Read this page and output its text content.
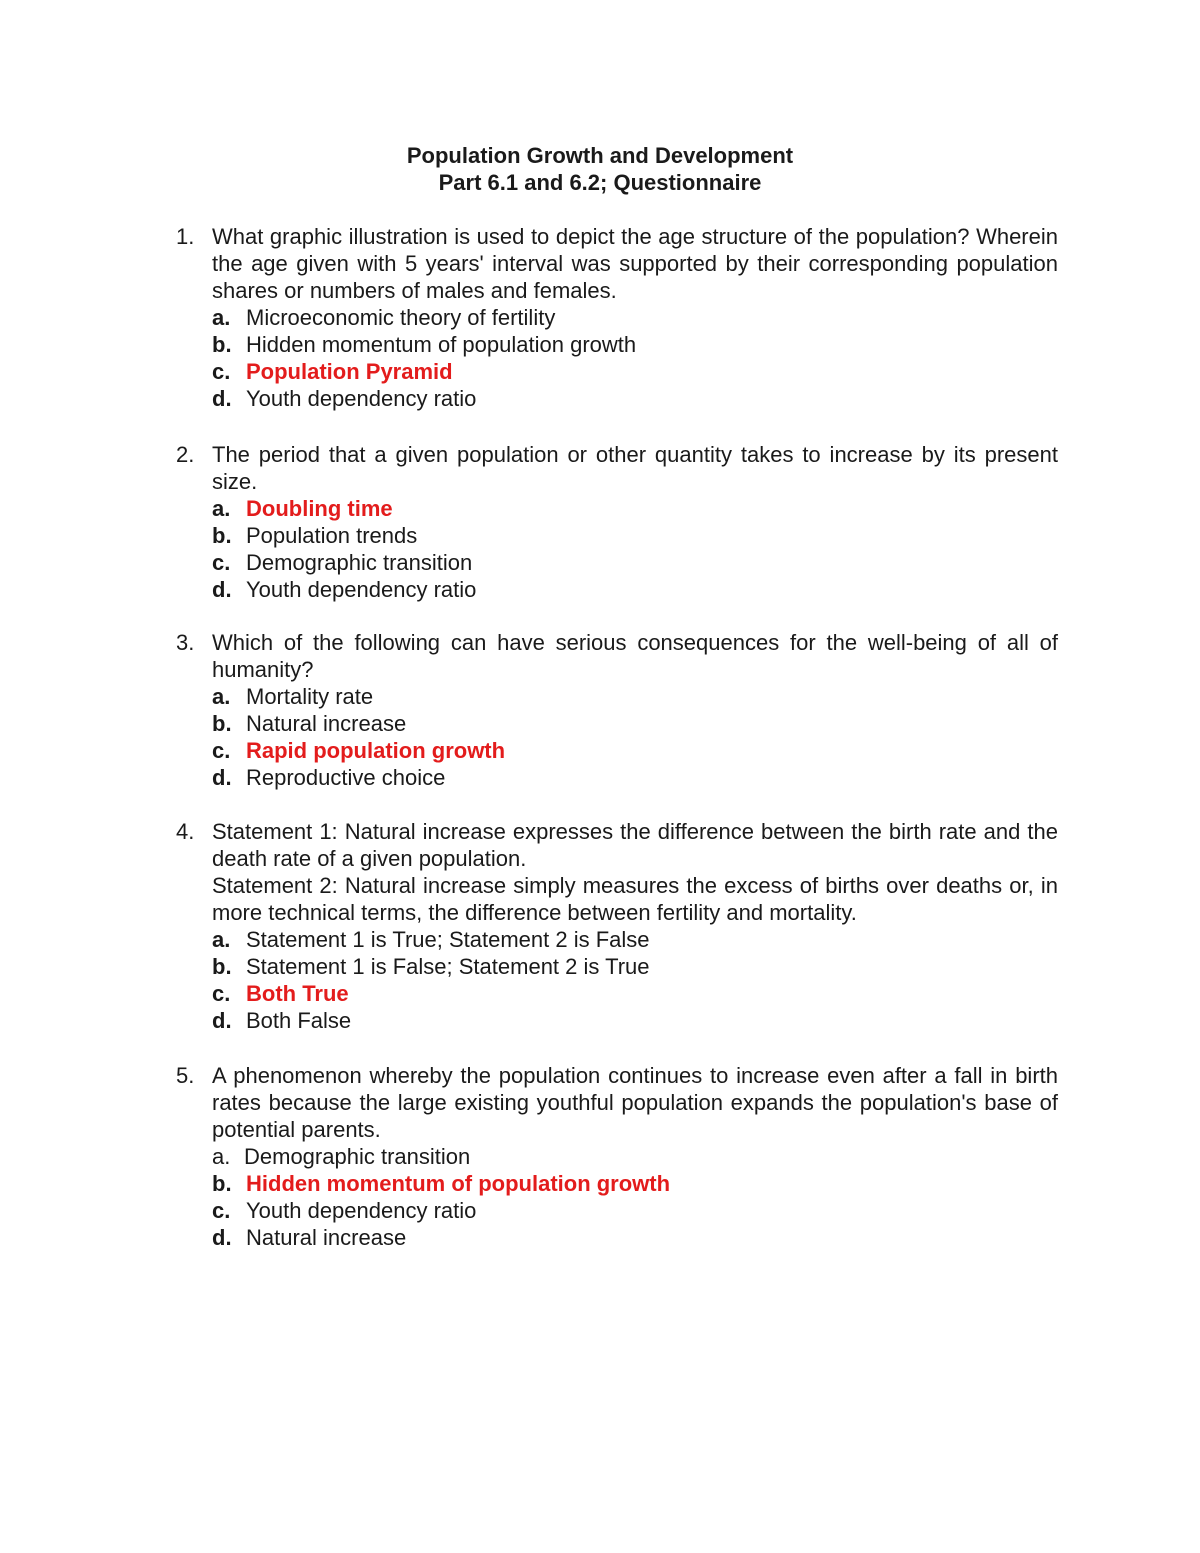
Population Growth and Development
Part 6.1 and 6.2; Questionnaire
1. What graphic illustration is used to depict the age structure of the population? Wherein the age given with 5 years' interval was supported by their corresponding population shares or numbers of males and females.

a. Microeconomic theory of fertility
b. Hidden momentum of population growth
c. Population Pyramid
d. Youth dependency ratio
2. The period that a given population or other quantity takes to increase by its present size.

a. Doubling time
b. Population trends
c. Demographic transition
d. Youth dependency ratio
3. Which of the following can have serious consequences for the well-being of all of humanity?

a. Mortality rate
b. Natural increase
c. Rapid population growth
d. Reproductive choice
4. Statement 1: Natural increase expresses the difference between the birth rate and the death rate of a given population.

Statement 2: Natural increase simply measures the excess of births over deaths or, in more technical terms, the difference between fertility and mortality.

a. Statement 1 is True; Statement 2 is False
b. Statement 1 is False; Statement 2 is True
c. Both True
d. Both False
5. A phenomenon whereby the population continues to increase even after a fall in birth rates because the large existing youthful population expands the population's base of potential parents.

a. Demographic transition
b. Hidden momentum of population growth
c. Youth dependency ratio
d. Natural increase
